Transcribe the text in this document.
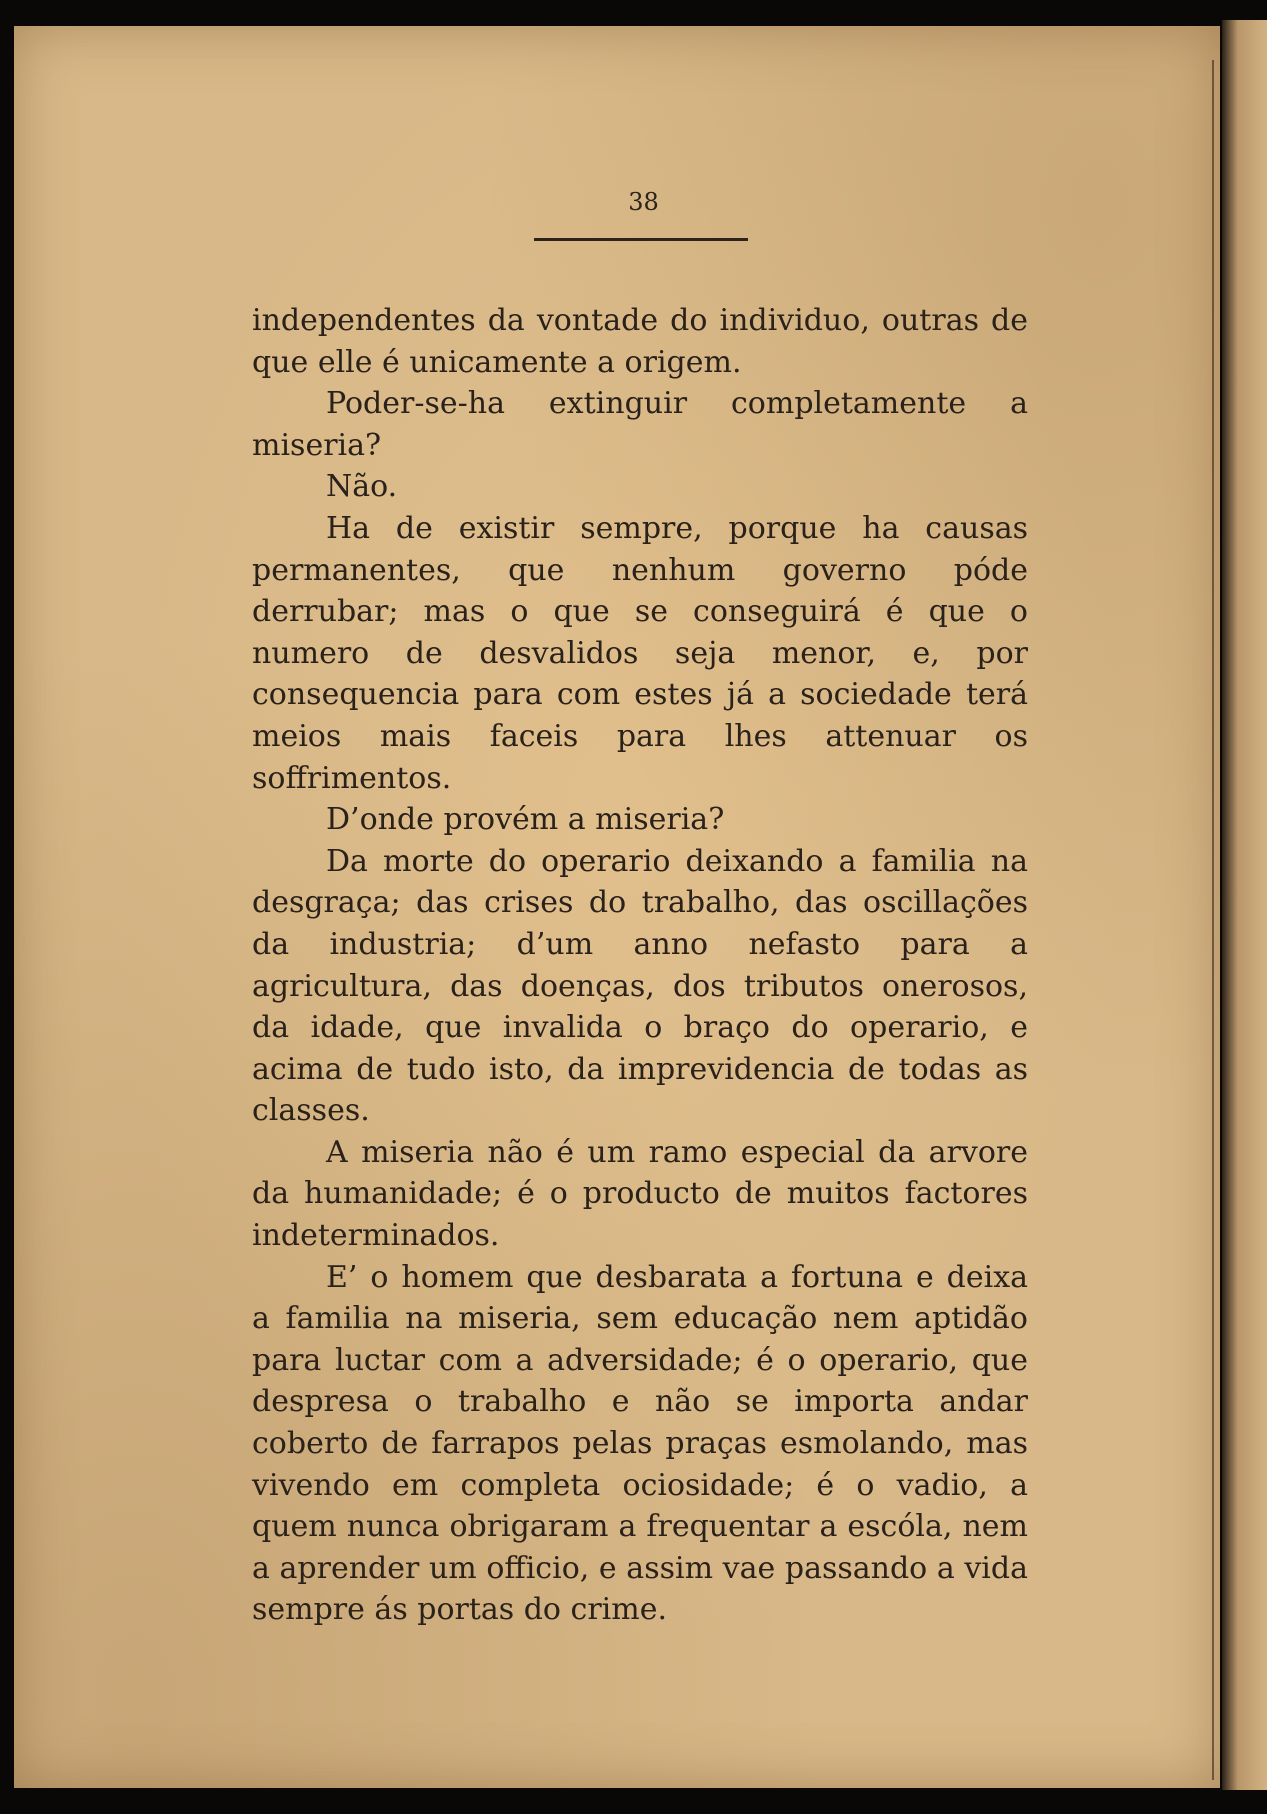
38

independentes da vontade do individuo, outras de que elle é unicamente a origem.

Poder-se-ha extinguir completamente a miseria?

Não.

Ha de existir sempre, porque ha causas permanentes, que nenhum governo póde derrubar; mas o que se conseguirá é que o numero de desvalidos seja menor, e, por consequencia para com estes já a sociedade terá meios mais faceis para lhes attenuar os soffrimentos.

D’onde provém a miseria?

Da morte do operario deixando a familia na desgraça; das crises do trabalho, das oscillações da industria; d’um anno nefasto para a agricultura, das doenças, dos tributos onerosos, da idade, que invalida o braço do operario, e acima de tudo isto, da imprevidencia de todas as classes.

A miseria não é um ramo especial da arvore da humanidade; é o producto de muitos factores indeterminados.

E’ o homem que desbarata a fortuna e deixa a familia na miseria, sem educação nem aptidão para luctar com a adversidade; é o operario, que despresa o trabalho e não se importa andar coberto de farrapos pelas praças esmolando, mas vivendo em completa ociosidade; é o vadio, a quem nunca obrigaram a frequentar a escóla, nem a aprender um officio, e assim vae passando a vida sempre ás portas do crime.
